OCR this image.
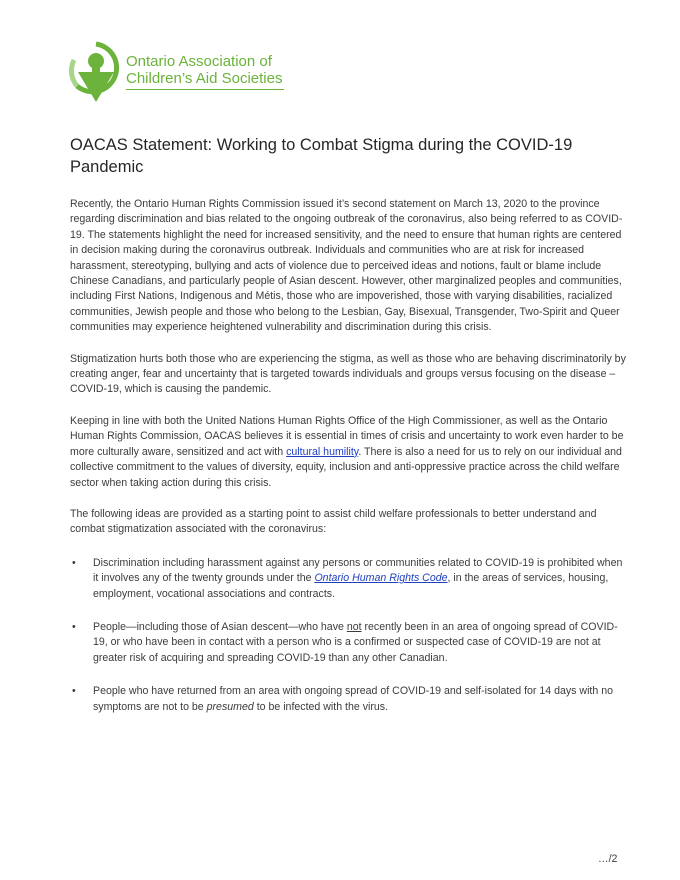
Ontario Association of
Children’s Aid Societies
OACAS Statement: Working to Combat Stigma during the COVID-19 Pandemic

Recently, the Ontario Human Rights Commission issued it’s second statement on March 13, 2020 to the province regarding discrimination and bias related to the ongoing outbreak of the coronavirus, also being referred to as COVID-19. The statements highlight the need for increased sensitivity, and the need to ensure that human rights are centered in decision making during the coronavirus outbreak. Individuals and communities who are at risk for increased harassment, stereotyping, bullying and acts of violence due to perceived ideas and notions, fault or blame include Chinese Canadians, and particularly people of Asian descent. However, other marginalized peoples and communities, including First Nations, Indigenous and Métis, those who are impoverished, those with varying disabilities, racialized communities, Jewish people and those who belong to the Lesbian, Gay, Bisexual, Transgender, Two-Spirit and Queer communities may experience heightened vulnerability and discrimination during this crisis.

Stigmatization hurts both those who are experiencing the stigma, as well as those who are behaving discriminatorily by creating anger, fear and uncertainty that is targeted towards individuals and groups versus focusing on the disease – COVID-19, which is causing the pandemic.

Keeping in line with both the United Nations Human Rights Office of the High Commissioner, as well as the Ontario Human Rights Commission, OACAS believes it is essential in times of crisis and uncertainty to work even harder to be more culturally aware, sensitized and act with cultural humility. There is also a need for us to rely on our individual and collective commitment to the values of diversity, equity, inclusion and anti-oppressive practice across the child welfare sector when taking action during this crisis.

The following ideas are provided as a starting point to assist child welfare professionals to better understand and combat stigmatization associated with the coronavirus:

• Discrimination including harassment against any persons or communities related to COVID-19 is prohibited when it involves any of the twenty grounds under the Ontario Human Rights Code, in the areas of services, housing, employment, vocational associations and contracts.
• People—including those of Asian descent—who have not recently been in an area of ongoing spread of COVID-19, or who have been in contact with a person who is a confirmed or suspected case of COVID-19 are not at greater risk of acquiring and spreading COVID-19 than any other Canadian.
• People who have returned from an area with ongoing spread of COVID-19 and self-isolated for 14 days with no symptoms are not to be presumed to be infected with the virus.
…/2
